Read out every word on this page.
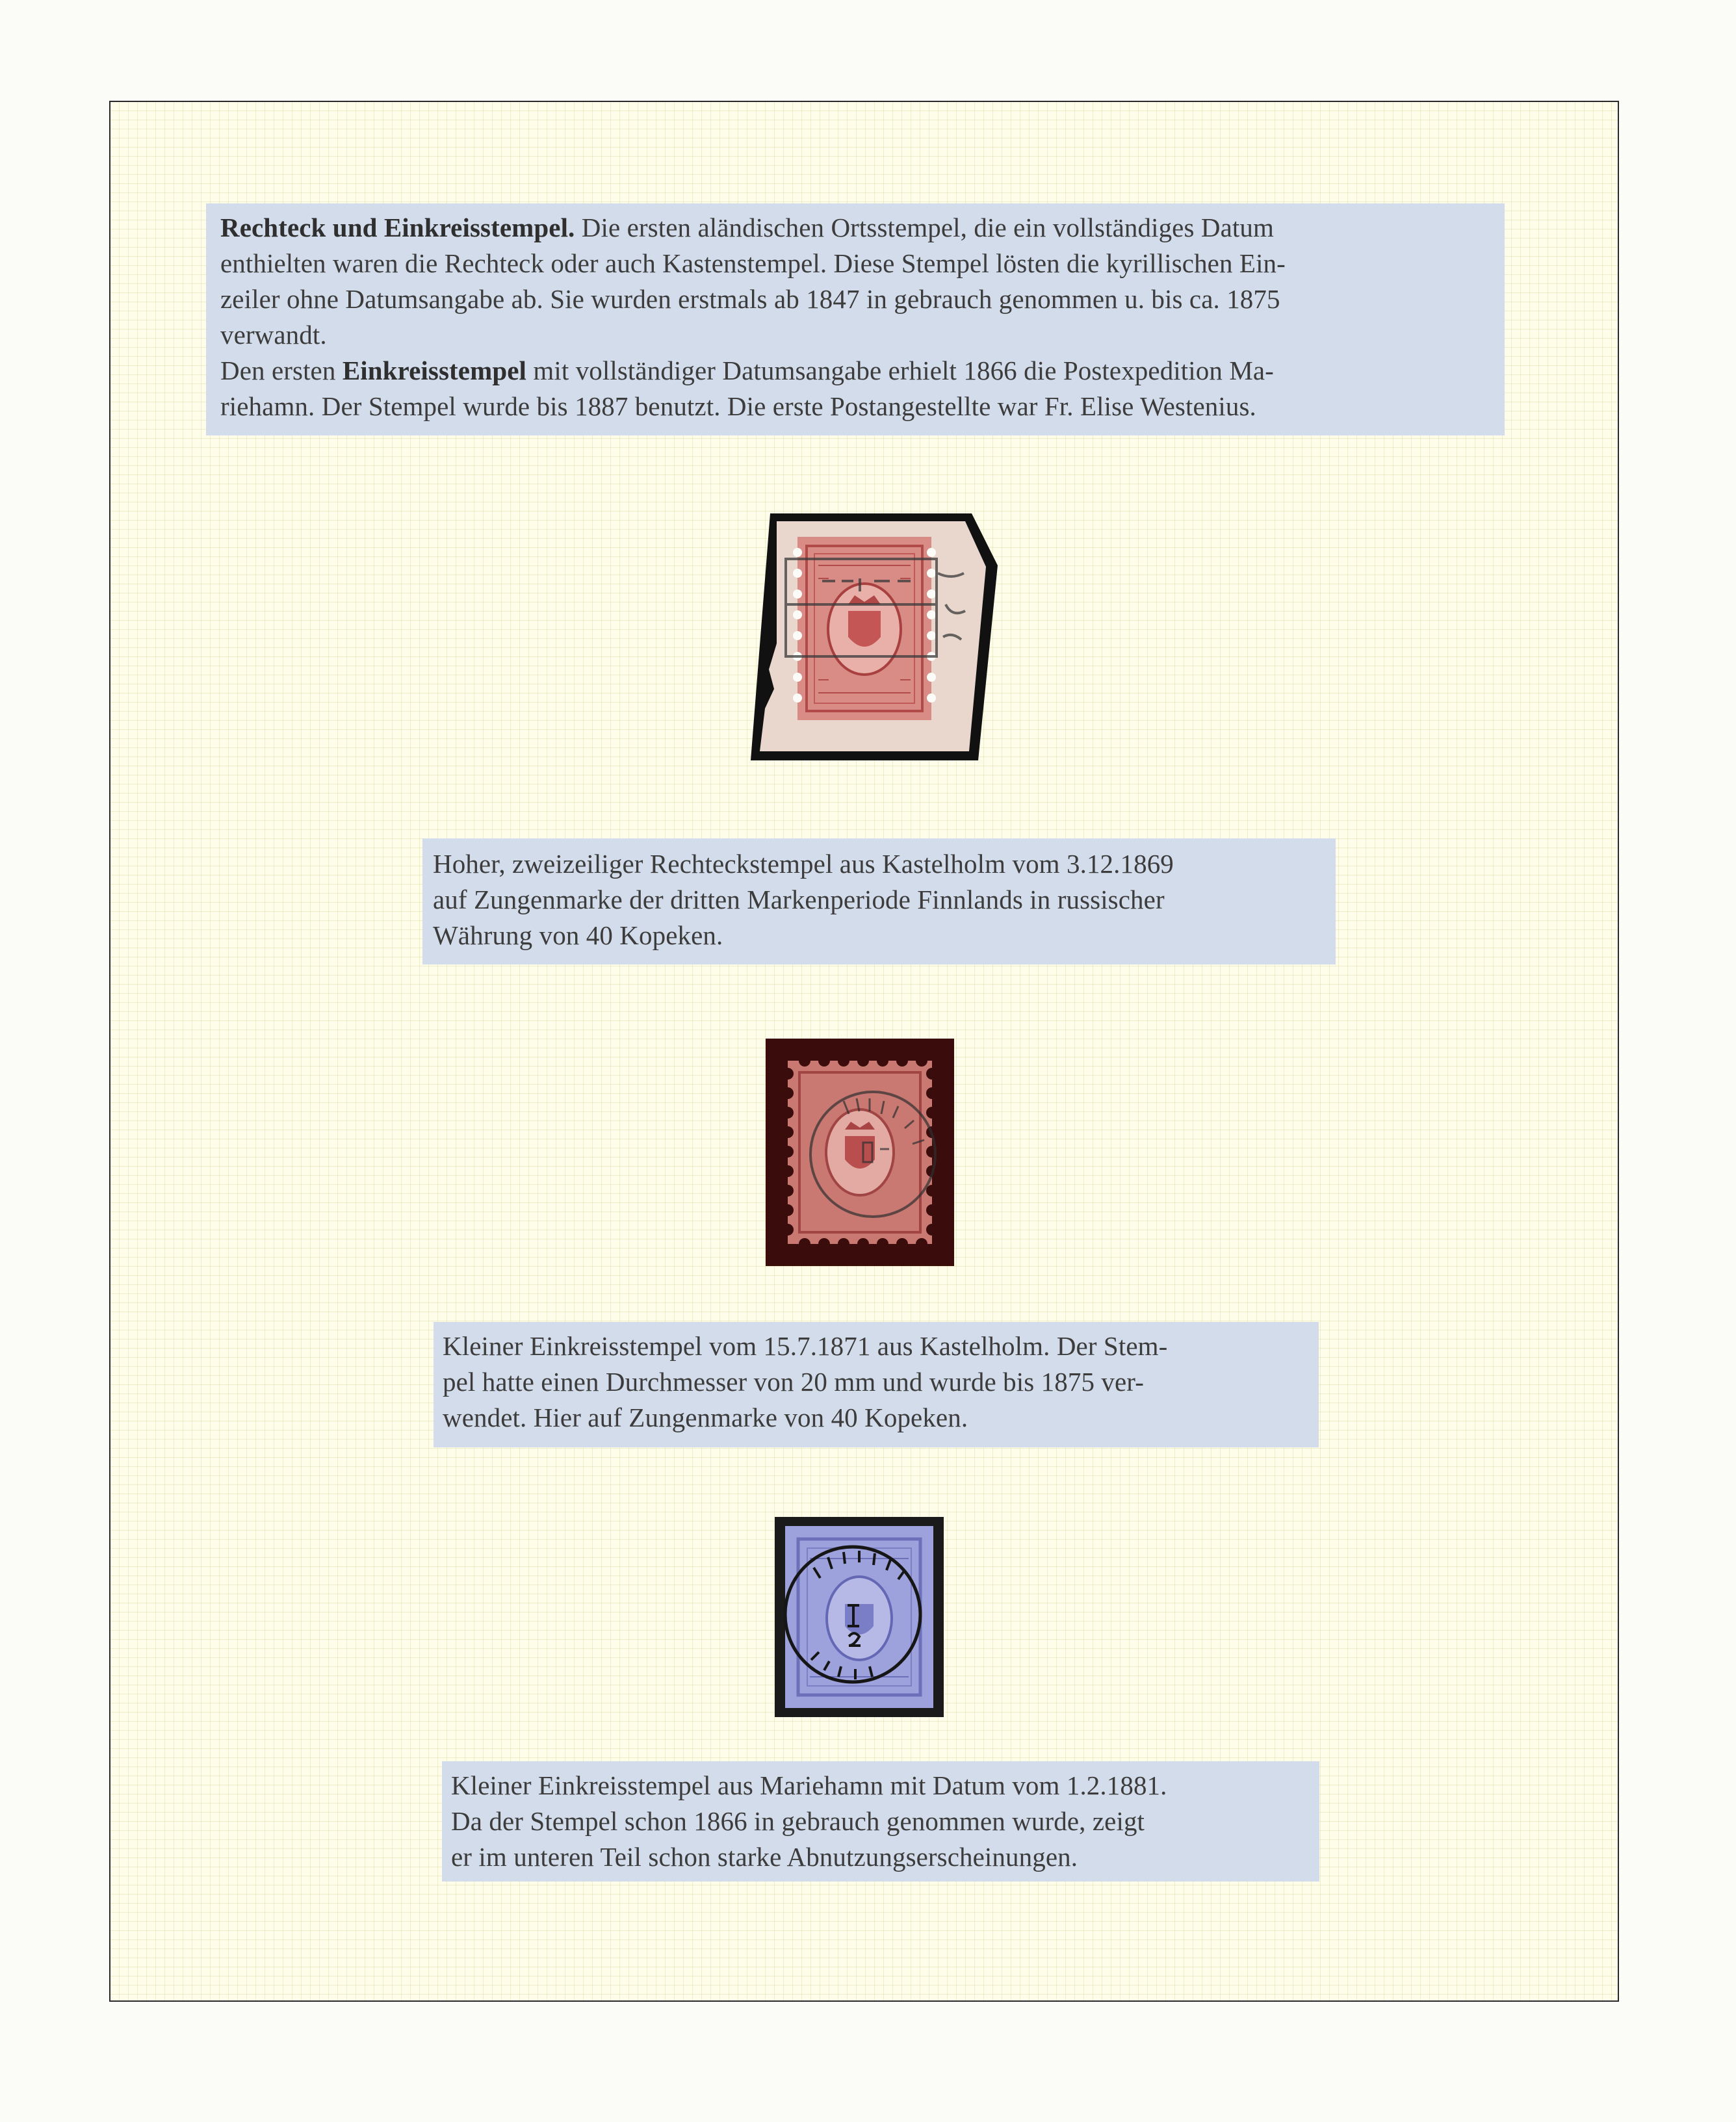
Rechteck und Einkreisstempel. Die ersten aländischen Ortsstempel, die ein vollständiges Datum
enthielten waren die Rechteck oder auch Kastenstempel. Diese Stempel lösten die kyrillischen Ein-
zeiler ohne Datumsangabe ab. Sie wurden erstmals ab 1847 in gebrauch genommen u. bis ca. 1875
verwandt.
Den ersten Einkreisstempel mit vollständiger Datumsangabe erhielt 1866 die Postexpedition Ma-
riehamn. Der Stempel wurde bis 1887 benutzt. Die erste Postangestellte war Fr. Elise Westenius.
Hoher, zweizeiliger Rechteckstempel aus Kastelholm vom 3.12.1869
auf Zungenmarke der dritten Markenperiode Finnlands in russischer
Währung von 40 Kopeken.
Kleiner Einkreisstempel vom 15.7.1871 aus Kastelholm. Der Stem-
pel hatte einen Durchmesser von 20 mm und wurde bis 1875 ver-
wendet. Hier auf Zungenmarke von 40 Kopeken.
Kleiner Einkreisstempel aus Mariehamn mit Datum vom 1.2.1881.
Da der Stempel schon 1866 in gebrauch genommen wurde, zeigt
er im unteren Teil schon starke Abnutzungserscheinungen.
